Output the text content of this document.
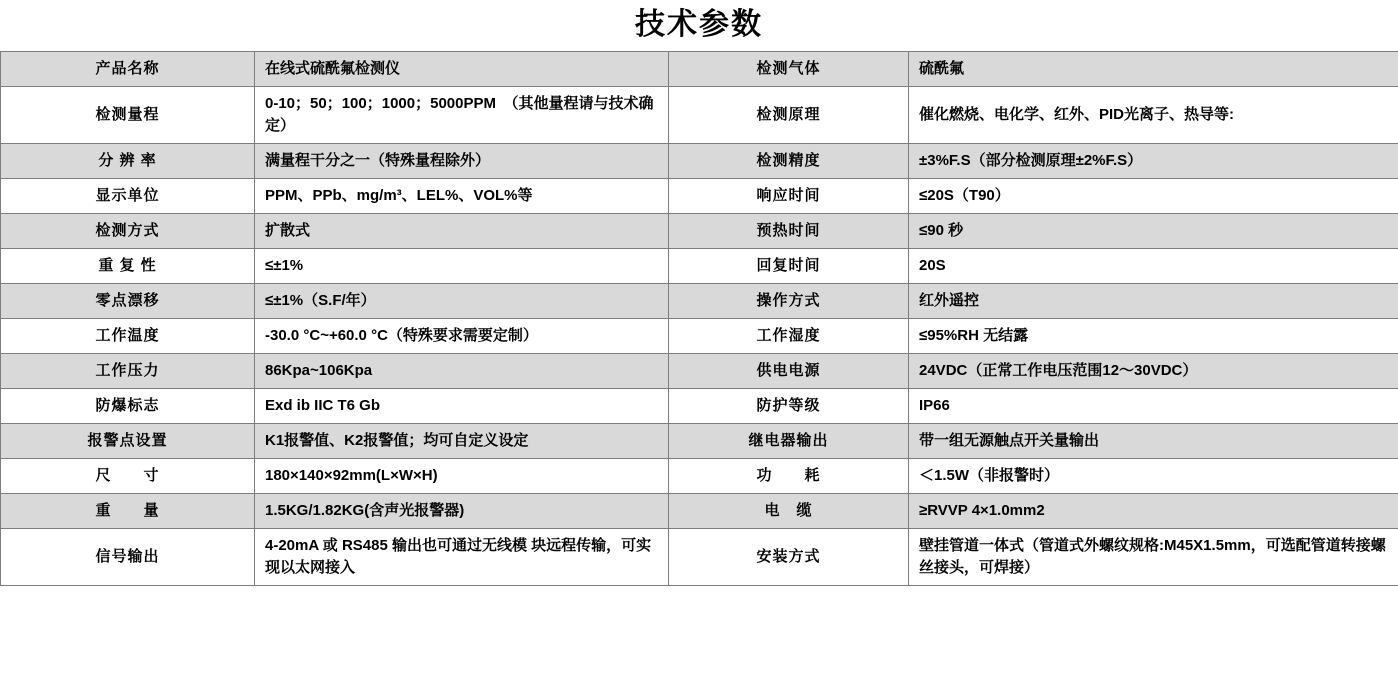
技术参数
产品名称	在线式硫酰氟检测仪	检测气体	硫酰氟
检测量程	0-10；50；100；1000；5000PPM　（其他量程请与技术确定）	检测原理	催化燃烧、电化学、红外、PID光离子、热导等:
分 辨 率	满量程干分之一（特殊量程除外）	检测精度	±3%F.S（部分检测原理±2%F.S）
显示单位	PPM、PPb、mg/m³、LEL%、VOL%等	响应时间	≤20S（T90）
检测方式	扩散式	预热时间	≤90 秒
重 复 性	≤±1%	回复时间	20S
零点漂移	≤±1%（S.F/年）	操作方式	红外遥控
工作温度	-30.0 °C~+60.0 °C（特殊要求需要定制）	工作湿度	≤95%RH 无结露
工作压力	86Kpa~106Kpa	供电电源	24VDC（正常工作电压范围12～30VDC）
防爆标志	Exd ib IIC T6 Gb	防护等级	IP66
报警点设置	K1报警值、K2报警值；均可自定义设定	继电器输出	带一组无源触点开关量输出
尺　　寸	180×140×92mm(L×W×H)	功　　耗	＜1.5W（非报警时）
重　　量	1.5KG/1.82KG(含声光报警器)	电　缆	≥RVVP 4×1.0mm2
信号输出	4-20mA 或 RS485 输出也可通过无线模 块远程传输，可实现以太网接入	安装方式	壁挂管道一体式（管道式外螺纹规格:M45X1.5mm，可选配管道转接螺丝接头，可焊接）
